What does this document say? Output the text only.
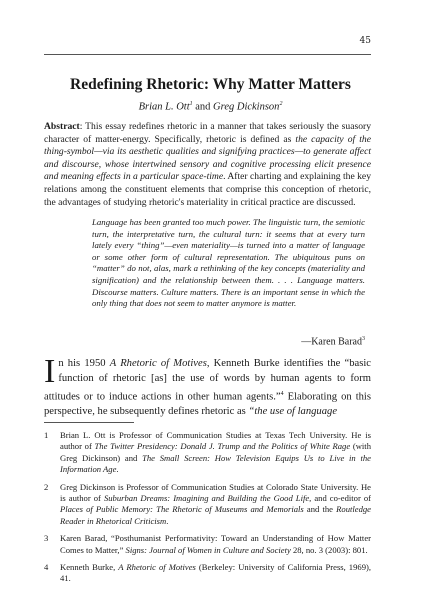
45
Redefining Rhetoric: Why Matter Matters
Brian L. Ott$^1$ and Greg Dickinson$^2$
Abstract: This essay redefines rhetoric in a manner that takes seriously the suasory character of matter-energy. Specifically, rhetoric is defined as the capacity of the thing-symbol—via its aesthetic qualities and signifying practices—to generate affect and discourse, whose intertwined sensory and cognitive processing elicit presence and meaning effects in a particular space-time. After charting and explaining the key relations among the constituent elements that comprise this conception of rhetoric, the advantages of studying rhetoric's materiality in critical practice are discussed.
Language has been granted too much power. The linguistic turn, the semiotic turn, the interpretative turn, the cultural turn: it seems that at every turn lately every “thing”—even materiality—is turned into a matter of language or some other form of cultural representation. The ubiquitous puns on “matter” do not, alas, mark a rethinking of the key concepts (materiality and signification) and the relationship between them. . . . Language matters. Discourse matters. Culture matters. There is an important sense in which the only thing that does not seem to matter anymore is matter.
—Karen Barad$^3$
In his 1950 A Rhetoric of Motives, Kenneth Burke identifies the “basic function of rhetoric [as] the use of words by human agents to form attitudes or to induce actions in other human agents.”$^4$ Elaborating on this perspective, he subsequently defines rhetoric as “the use of language
1	Brian L. Ott is Professor of Communication Studies at Texas Tech University. He is author of The Twitter Presidency: Donald J. Trump and the Politics of White Rage (with Greg Dickinson) and The Small Screen: How Television Equips Us to Live in the Information Age.
2	Greg Dickinson is Professor of Communication Studies at Colorado State University. He is author of Suburban Dreams: Imagining and Building the Good Life, and co-editor of Places of Public Memory: The Rhetoric of Museums and Memorials and the Routledge Reader in Rhetorical Criticism.
3	Karen Barad, “Posthumanist Performativity: Toward an Understanding of How Matter Comes to Matter,” Signs: Journal of Women in Culture and Society 28, no. 3 (2003): 801.
4	Kenneth Burke, A Rhetoric of Motives (Berkeley: University of California Press, 1969), 41.
